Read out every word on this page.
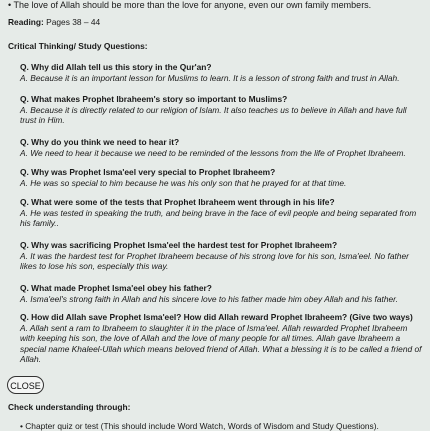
• The love of Allah should be more than the love for anyone, even our own family members.
Reading: Pages 38 – 44
Critical Thinking/ Study Questions:
Q. Why did Allah tell us this story in the Qur'an?
A. Because it is an important lesson for Muslims to learn. It is a lesson of strong faith and trust in Allah.
Q. What makes Prophet Ibraheem's story so important to Muslims?
A. Because it is directly related to our religion of Islam. It also teaches us to believe in Allah and have full trust in Him.
Q. Why do you think we need to hear it?
A. We need to hear it because we need to be reminded of the lessons from the life of Prophet Ibraheem.
Q. Why was Prophet Isma'eel very special to Prophet Ibraheem?
A. He was so special to him because he was his only son that he prayed for at that time.
Q. What were some of the tests that Prophet Ibraheem went through in his life?
A. He was tested in speaking the truth, and being brave in the face of evil people and being separated from his family..
Q. Why was sacrificing Prophet Isma'eel the hardest test for Prophet Ibraheem?
A. It was the hardest test for Prophet Ibraheem because of his strong love for his son, Isma'eel. No father likes to lose his son, especially this way.
Q. What made Prophet Isma'eel obey his father?
A. Isma'eel's strong faith in Allah and his sincere love to his father made him obey Allah and his father.
Q. How did Allah save Prophet Isma'eel? How did Allah reward Prophet Ibraheem? (Give two ways)
A. Allah sent a ram to Ibraheem to slaughter it in the place of Isma'eel. Allah rewarded Prophet Ibraheem with keeping his son, the love of Allah and the love of many people for all times. Allah gave Ibraheem a special name Khaleel-Ullah which means beloved friend of Allah. What a blessing it is to be called a friend of Allah.
CLOSE
Check understanding through:
• Chapter quiz or test (This should include Word Watch, Words of Wisdom and Study Questions).
